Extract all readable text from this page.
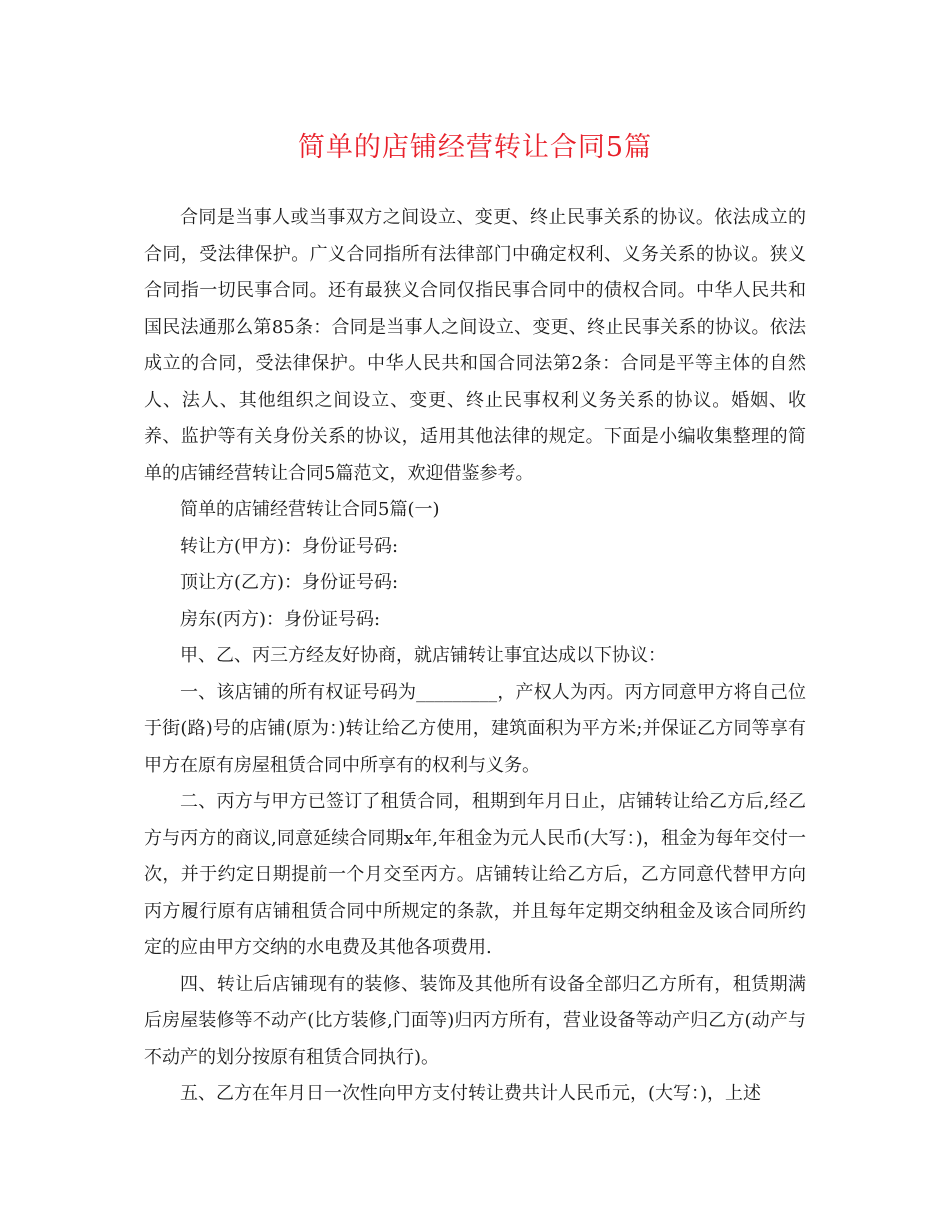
简单的店铺经营转让合同5篇

合同是当事人或当事双方之间设立、变更、终止民事关系的协议。依法成立的合同，受法律保护。广义合同指所有法律部门中确定权利、义务关系的协议。狭义合同指一切民事合同。还有最狭义合同仅指民事合同中的债权合同。中华人民共和国民法通那么第85条：合同是当事人之间设立、变更、终止民事关系的协议。依法成立的合同，受法律保护。中华人民共和国合同法第2条：合同是平等主体的自然人、法人、其他组织之间设立、变更、终止民事权利义务关系的协议。婚姻、收养、监护等有关身份关系的协议，适用其他法律的规定。下面是小编收集整理的简单的店铺经营转让合同5篇范文，欢迎借鉴参考。

简单的店铺经营转让合同5篇(一)

转让方(甲方)：身份证号码:

顶让方(乙方)：身份证号码:

房东(丙方)：身份证号码:

甲、乙、丙三方经友好协商，就店铺转让事宜达成以下协议：

一、该店铺的所有权证号码为_________，产权人为丙。丙方同意甲方将自己位于街(路)号的店铺(原为：)转让给乙方使用，建筑面积为平方米;并保证乙方同等享有甲方在原有房屋租赁合同中所享有的权利与义务。

二、丙方与甲方已签订了租赁合同，租期到年月日止，店铺转让给乙方后,经乙方与丙方的商议,同意延续合同期x年,年租金为元人民币(大写：)，租金为每年交付一次，并于约定日期提前一个月交至丙方。店铺转让给乙方后，乙方同意代替甲方向丙方履行原有店铺租赁合同中所规定的条款，并且每年定期交纳租金及该合同所约定的应由甲方交纳的水电费及其他各项费用.

四、转让后店铺现有的装修、装饰及其他所有设备全部归乙方所有，租赁期满后房屋装修等不动产(比方装修,门面等)归丙方所有，营业设备等动产归乙方(动产与不动产的划分按原有租赁合同执行)。

五、乙方在年月日一次性向甲方支付转让费共计人民币元，(大写：)，上述
